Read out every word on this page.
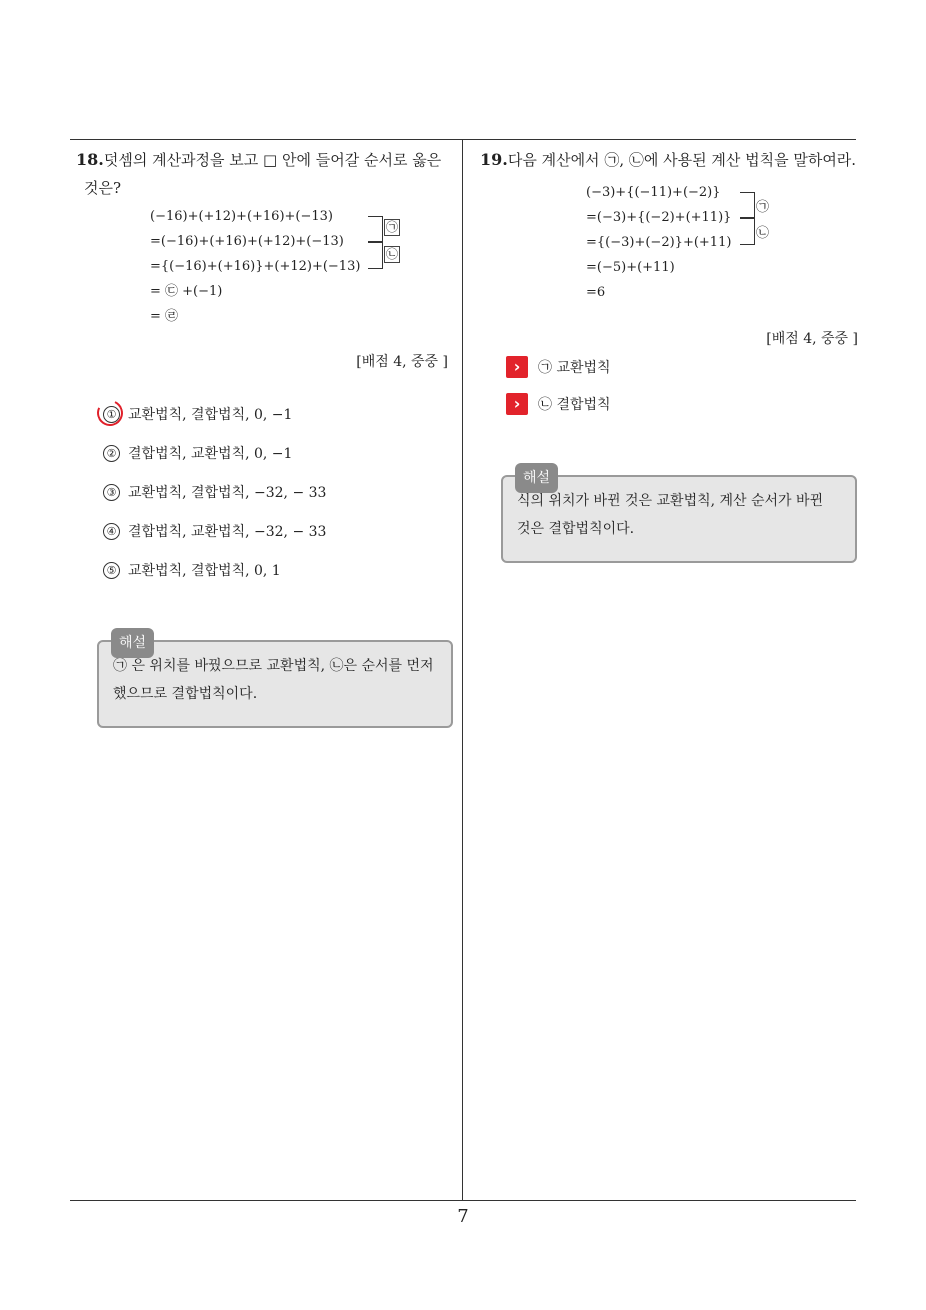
18.덧셈의 계산과정을 보고 □ 안에 들어갈 순서로 옳은
것은?
(−16)+(+12)+(+16)+(−13)
=(−16)+(+16)+(+12)+(−13)
={(−16)+(+16)}+(+12)+(−13)
= ㉢ +(−1)
= ㉣
㉠
㉡
[배점 4, 중중 ]
① 교환법칙, 결합법칙, 0, −1
② 결합법칙, 교환법칙, 0, −1
③ 교환법칙, 결합법칙, −32, − 33
④ 결합법칙, 교환법칙, −32, − 33
⑤ 교환법칙, 결합법칙, 0, 1
해설
㉠ 은 위치를 바꿨으므로 교환법칙, ㉡은 순서를 먼저 했으므로 결합법칙이다.
19.다음 계산에서 ㉠, ㉡에 사용된 계산 법칙을 말하여라.
(−3)+{(−11)+(−2)}
=(−3)+{(−2)+(+11)}
={(−3)+(−2)}+(+11)
=(−5)+(+11)
=6
㉠
㉡
[배점 4, 중중 ]
›	㉠ 교환법칙
›	㉡ 결합법칙
해설
식의 위치가 바뀐 것은 교환법칙, 계산 순서가 바뀐 것은 결합법칙이다.
7
